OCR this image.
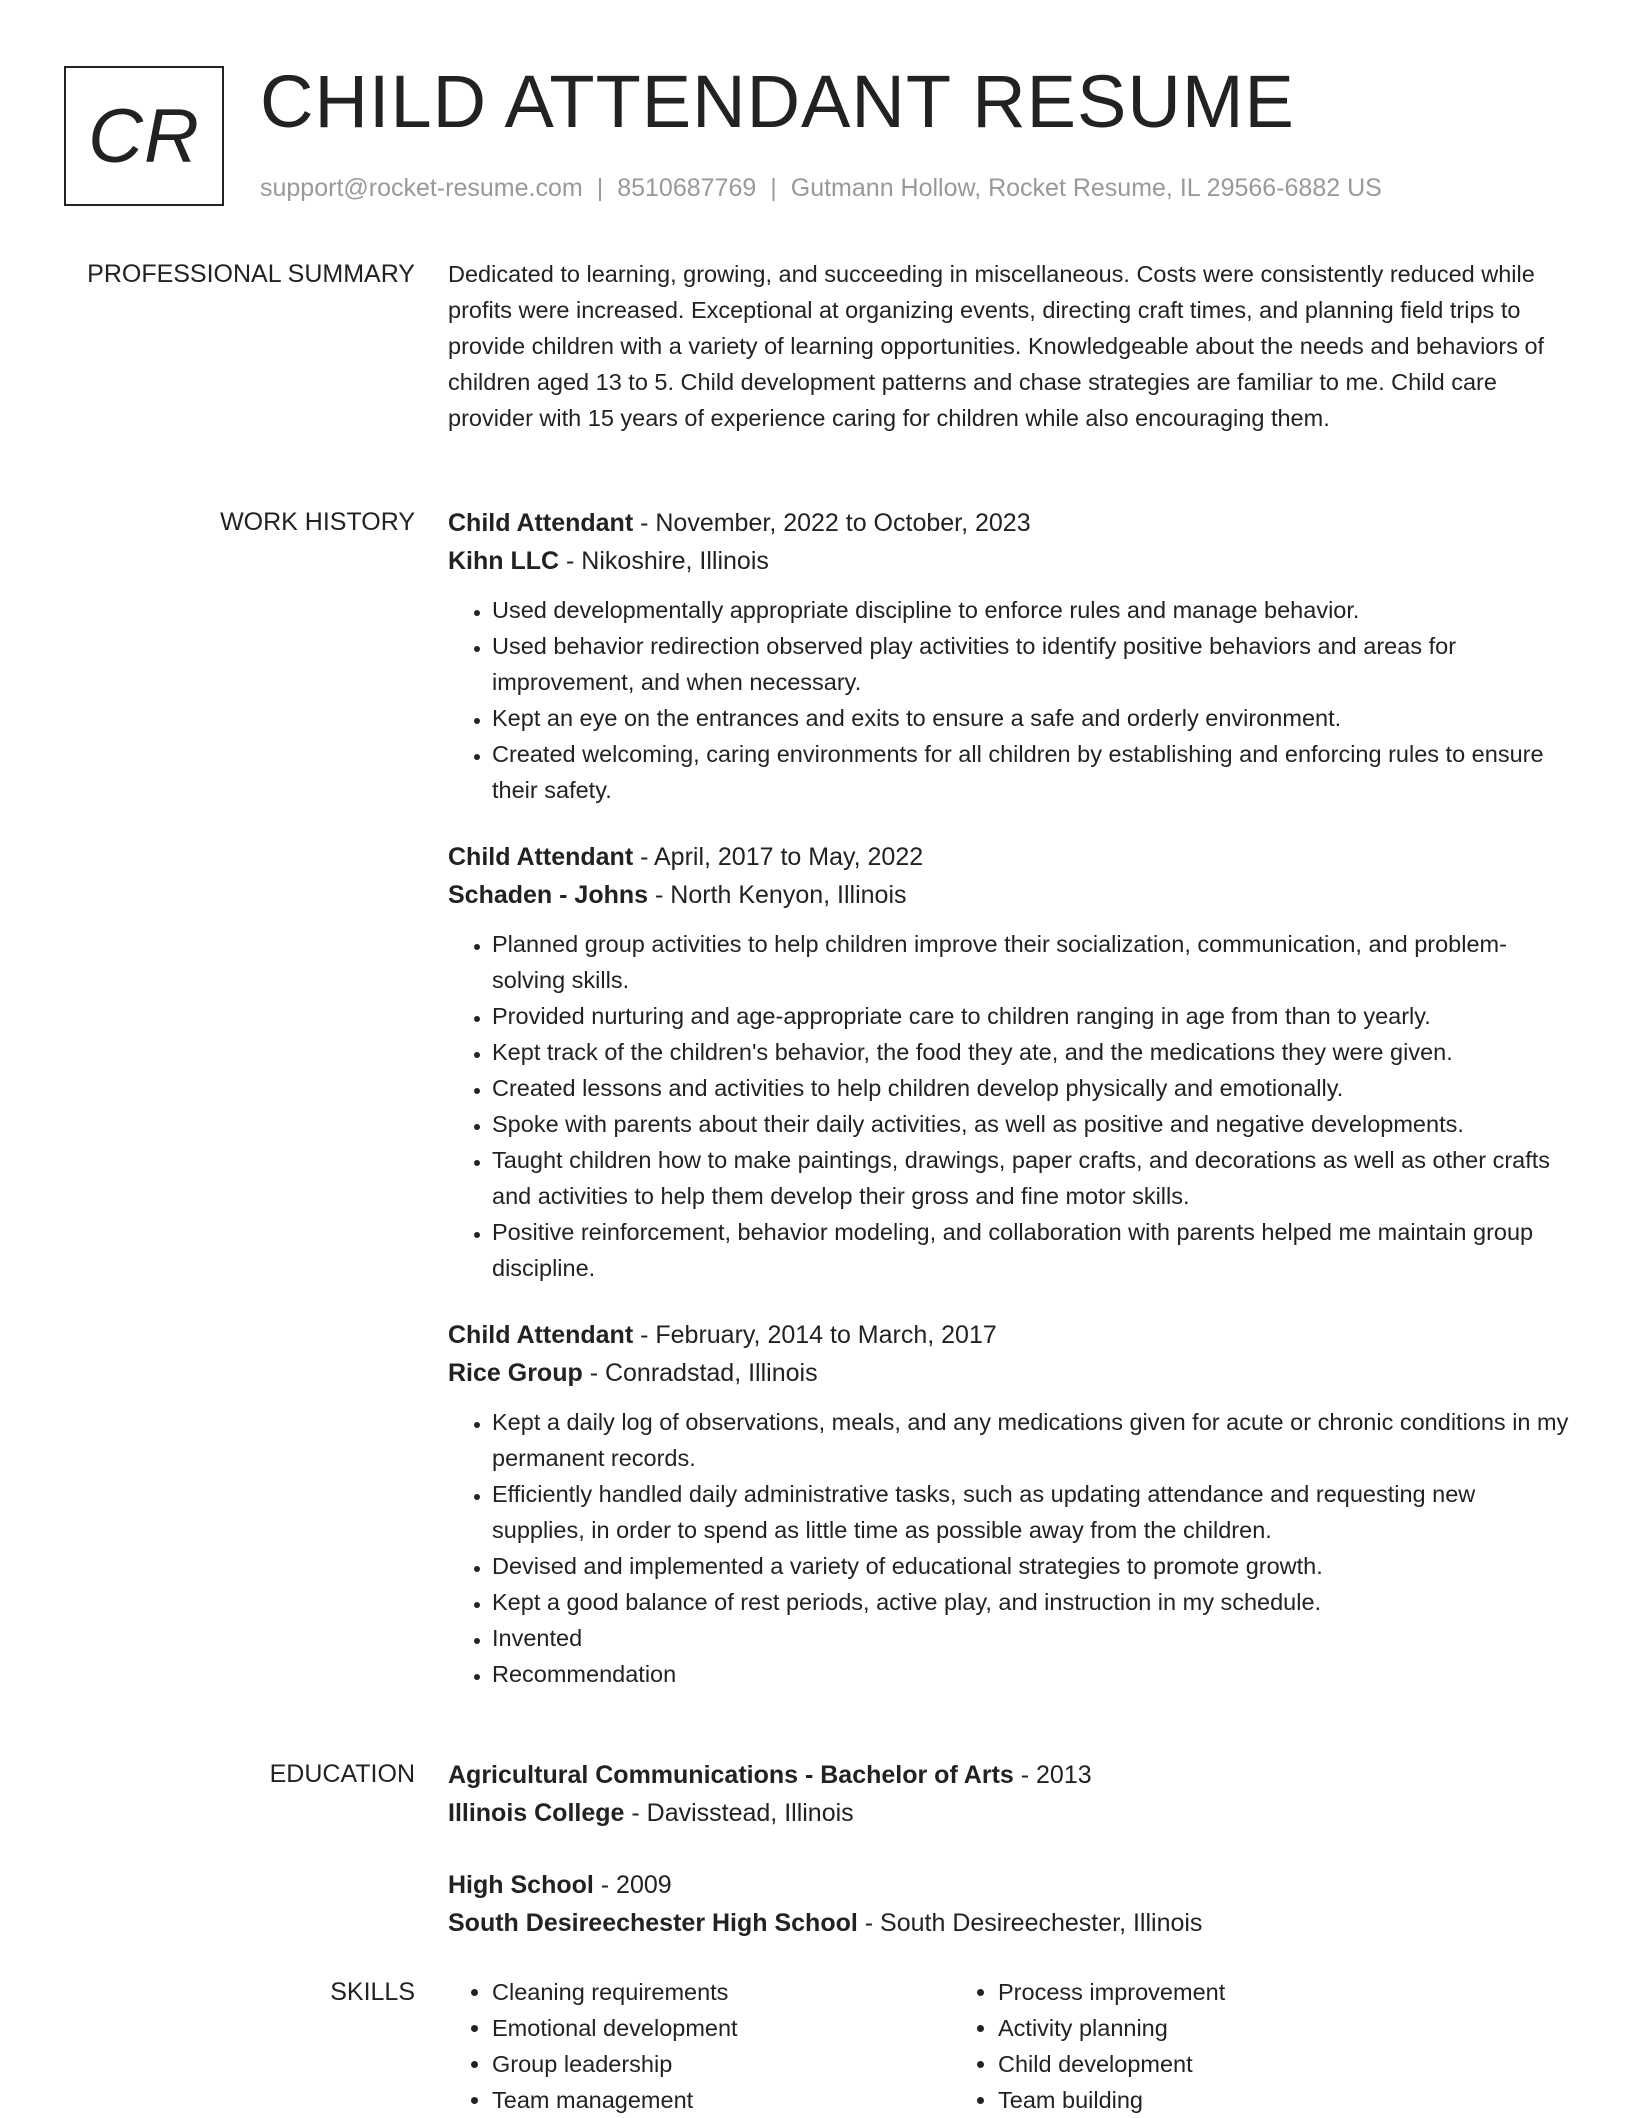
CR CHILD ATTENDANT RESUME
support@rocket-resume.com | 8510687769 | Gutmann Hollow, Rocket Resume, IL 29566-6882 US
PROFESSIONAL SUMMARY Dedicated to learning, growing, and succeeding in miscellaneous. Costs were consistently reduced while profits were increased. Exceptional at organizing events, directing craft times, and planning field trips to provide children with a variety of learning opportunities. Knowledgeable about the needs and behaviors of children aged 13 to 5. Child development patterns and chase strategies are familiar to me. Child care provider with 15 years of experience caring for children while also encouraging them.

WORK HISTORY Child Attendant - November, 2022 to October, 2023
Kihn LLC - Nikoshire, Illinois
• Used developmentally appropriate discipline to enforce rules and manage behavior.
• Used behavior redirection observed play activities to identify positive behaviors and areas for improvement, and when necessary.
• Kept an eye on the entrances and exits to ensure a safe and orderly environment.
• Created welcoming, caring environments for all children by establishing and enforcing rules to ensure their safety.
Child Attendant - April, 2017 to May, 2022
Schaden - Johns - North Kenyon, Illinois
• Planned group activities to help children improve their socialization, communication, and problem-solving skills.
• Provided nurturing and age-appropriate care to children ranging in age from than to yearly.
• Kept track of the children's behavior, the food they ate, and the medications they were given.
• Created lessons and activities to help children develop physically and emotionally.
• Spoke with parents about their daily activities, as well as positive and negative developments.
• Taught children how to make paintings, drawings, paper crafts, and decorations as well as other crafts and activities to help them develop their gross and fine motor skills.
• Positive reinforcement, behavior modeling, and collaboration with parents helped me maintain group discipline.
Child Attendant - February, 2014 to March, 2017
Rice Group - Conradstad, Illinois
• Kept a daily log of observations, meals, and any medications given for acute or chronic conditions in my permanent records.
• Efficiently handled daily administrative tasks, such as updating attendance and requesting new supplies, in order to spend as little time as possible away from the children.
• Devised and implemented a variety of educational strategies to promote growth.
• Kept a good balance of rest periods, active play, and instruction in my schedule.
• Invented
• Recommendation
EDUCATION Agricultural Communications - Bachelor of Arts - 2013
Illinois College - Davisstead, Illinois
High School - 2009
South Desireechester High School - South Desireechester, Illinois
SKILLS
•	Cleaning requirements
• Emotional development
• Group leadership
• Team management
• Process improvement
• Activity planning
• Child development
• Team building
